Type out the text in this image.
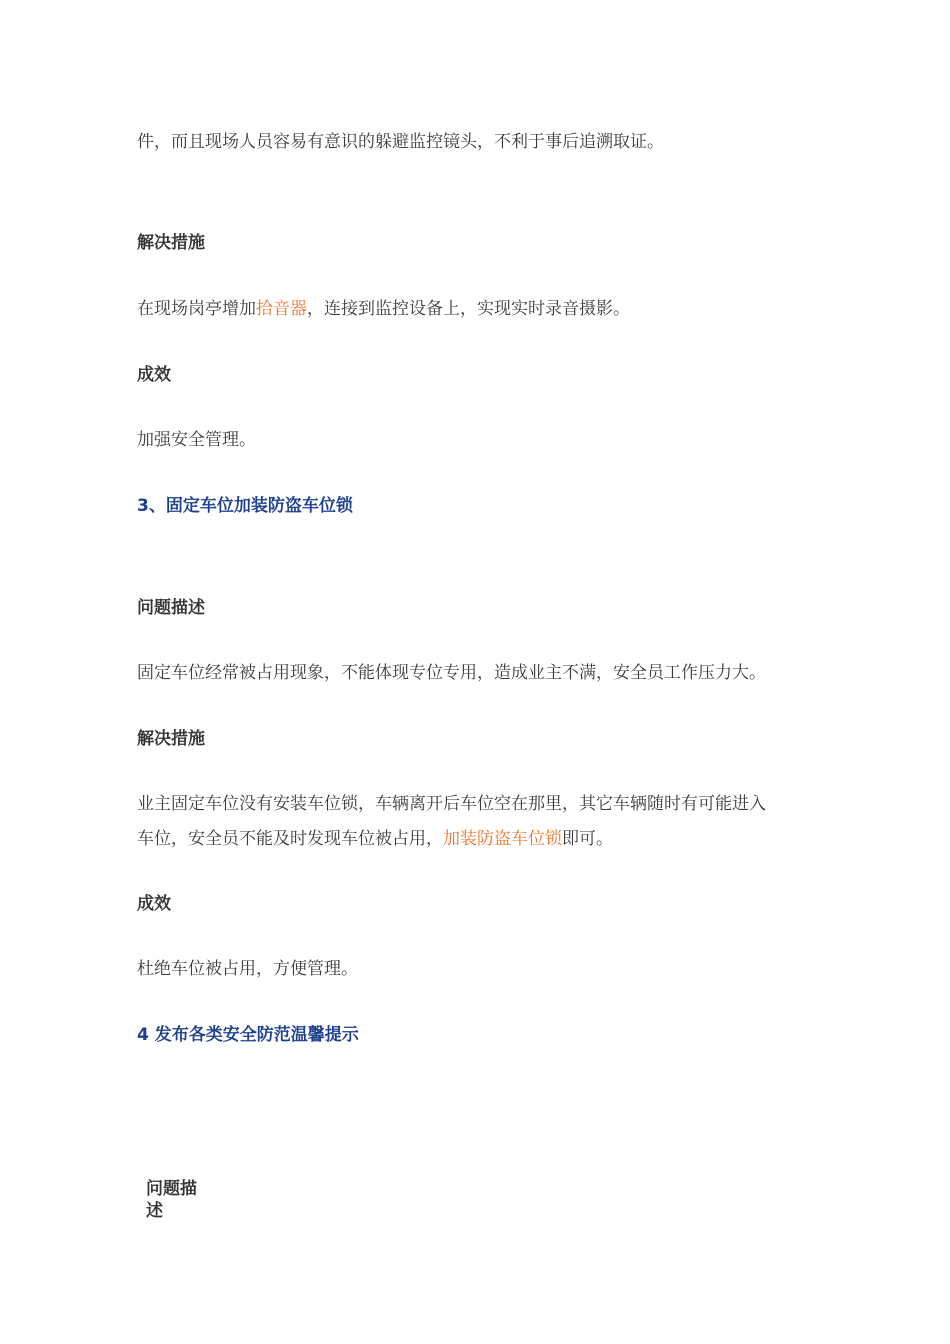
件，而且现场人员容易有意识的躲避监控镜头，不利于事后追溯取证。
解决措施
在现场岗亭增加拾音器，连接到监控设备上，实现实时录音摄影。
成效
加强安全管理。
3、固定车位加装防盗车位锁
问题描述
固定车位经常被占用现象，不能体现专位专用，造成业主不满，安全员工作压力大。
解决措施
业主固定车位没有安装车位锁，车辆离开后车位空在那里，其它车辆随时有可能进入
车位，安全员不能及时发现车位被占用，加装防盗车位锁即可。
成效
杜绝车位被占用，方便管理。
4 发布各类安全防范温馨提示
问题描述
